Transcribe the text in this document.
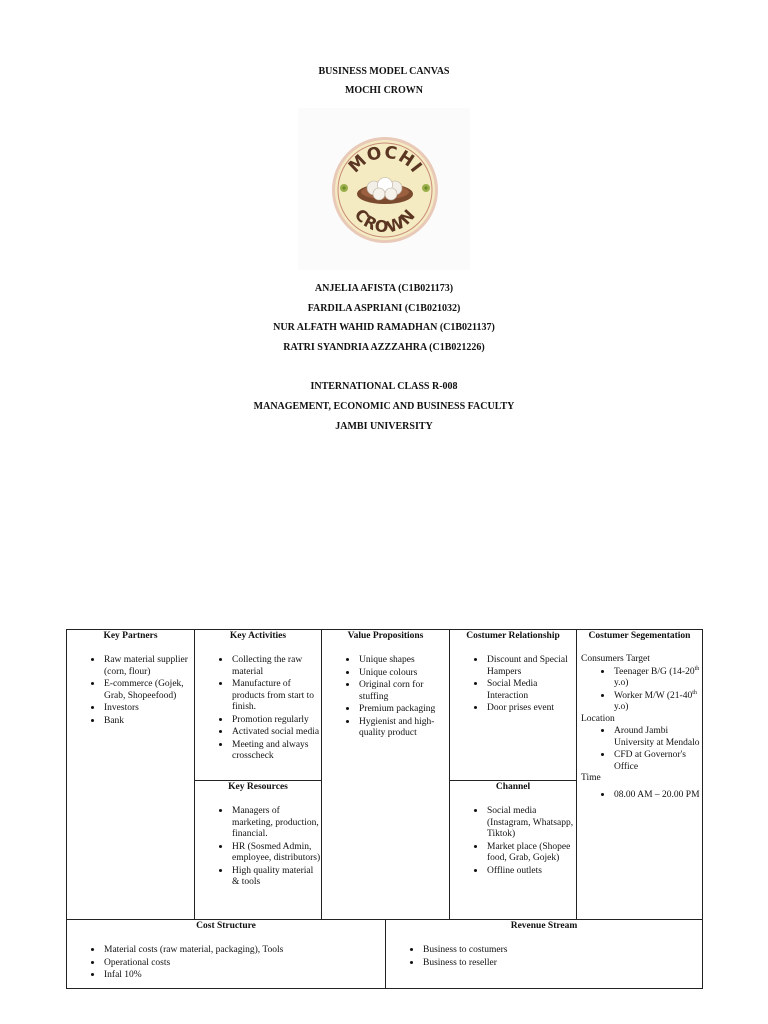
BUSINESS MODEL CANVAS
MOCHI CROWN
MOCHI
CROWN
ANJELIA AFISTA (C1B021173)
FARDILA ASPRIANI (C1B021032)
NUR ALFATH WAHID RAMADHAN (C1B021137)
RATRI SYANDRIA AZZZAHRA (C1B021226)
INTERNATIONAL CLASS R-008
MANAGEMENT, ECONOMIC AND BUSINESS FACULTY
JAMBI UNIVERSITY
Key Partners
• Raw material supplier (corn, flour)
• E-commerce (Gojek, Grab, Shopeefood)
• Investors
• Bank
Key Activities
• Collecting the raw material
• Manufacture of products from start to finish.
• Promotion regularly
• Activated social media
• Meeting and always crosscheck
Key Resources
• Managers of marketing, production, financial.
• HR (Sosmed Admin, employee, distributors)
• High quality material & tools
Value Propositions
• Unique shapes
• Unique colours
• Original corn for stuffing
• Premium packaging
• Hygienist and high-quality product
Costumer Relationship
• Discount and Special Hampers
• Social Media Interaction
• Door prises event
Channel
• Social media (Instagram, Whatsapp, Tiktok)
• Market place (Shopee food, Grab, Gojek)
• Offline outlets
Costumer Segementation

Consumers Target

• Teenager B/G (14-20th y.o)
• Worker M/W (21-40th y.o)

Location

• Around Jambi University at Mendalo
• CFD at Governor's Office

Time

• 08.00 AM – 20.00 PM
Cost Structure
• Material costs (raw material, packaging), Tools
• Operational costs
• Infal 10%
Revenue Stream
• Business to costumers
• Business to reseller
